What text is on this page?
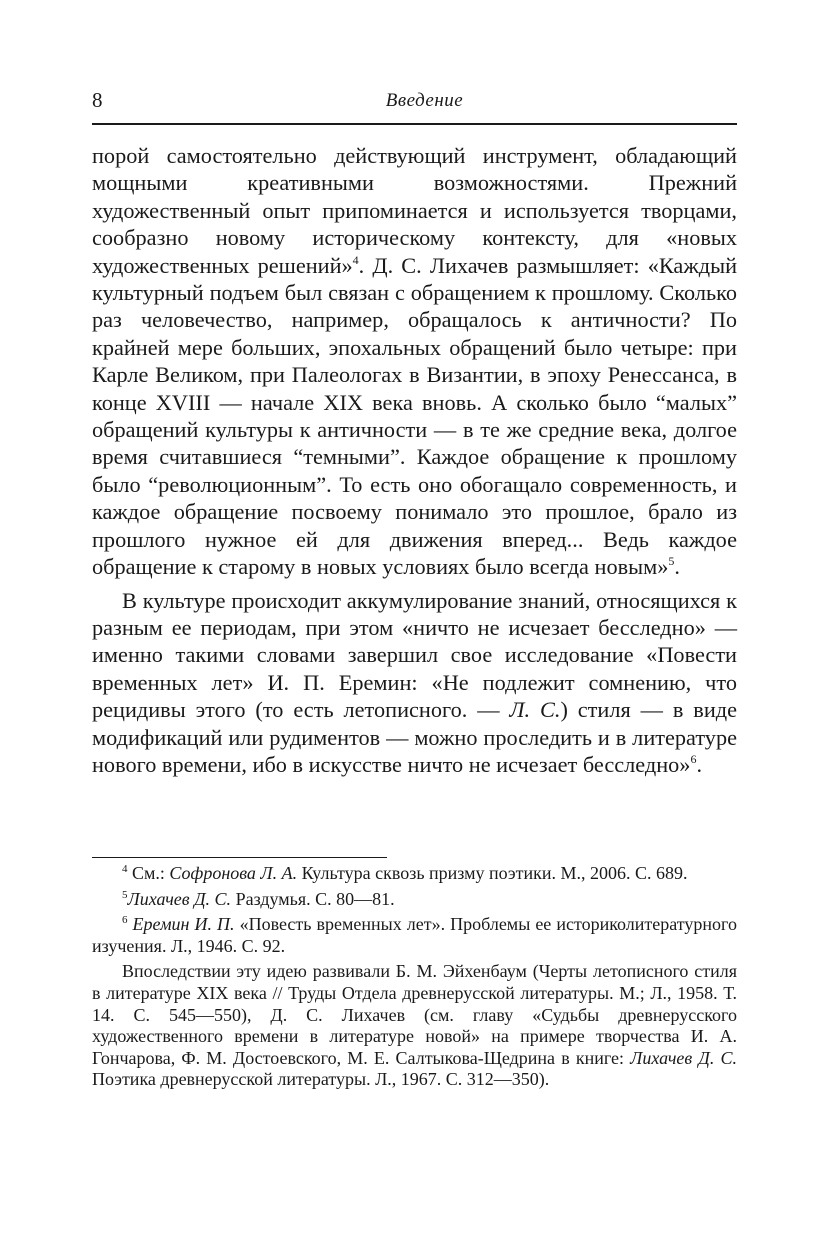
8	Введение

порой самостоятельно действующий инструмент, обладающий мощными креативными возможностями. Прежний художественный опыт припоминается и используется творцами, сообразно новому историческому контексту, для «новых художественных решений»$^4$. Д. С. Лихачев размышляет: «Каждый культурный подъем был связан с обращением к прошлому. Сколько раз человечество, например, обращалось к античности? По крайней мере больших, эпохальных обращений было четыре: при Карле Великом, при Палеологах в Византии, в эпоху Ренессанса, в конце XVIII — начале XIX века вновь. А сколько было “малых” обращений культуры к античности — в те же средние века, долгое время считавшиеся “темными”. Каждое обращение к прошлому было “революционным”. То есть оно обогащало современность, и каждое обращение посвоему понимало это прошлое, брало из прошлого нужное ей для движения вперед... Ведь каждое обращение к старому в новых условиях было всегда новым»$^5$.

В культуре происходит аккумулирование знаний, относящихся к разным ее периодам, при этом «ничто не исчезает бесследно» — именно такими словами завершил свое исследование «Повести временных лет» И. П. Еремин: «Не подлежит сомнению, что рецидивы этого (то есть летописного. — Л. С.) стиля — в виде модификаций или рудиментов — можно проследить и в литературе нового времени, ибо в искусстве ничто не исчезает бесследно»$^6$.

$^4$ См.: Софронова Л. А. Культура сквозь призму поэтики. М., 2006. С. 689.

$^5$Лихачев Д. С. Раздумья. С. 80—81.

$^6$ Еремин И. П. «Повесть временных лет». Проблемы ее историколитературного изучения. Л., 1946. С. 92.

Впоследствии эту идею развивали Б. М. Эйхенбаум (Черты летописного стиля в литературе XIX века // Труды Отдела древнерусской литературы. М.; Л., 1958. Т. 14. С. 545—550), Д. С. Лихачев (см. главу «Судьбы древнерусского художественного времени в литературе новой» на примере творчества И. А. Гончарова, Ф. М. Достоевского, М. Е. Салтыкова-Щедрина в книге: Лихачев Д. С. Поэтика древнерусской литературы. Л., 1967. С. 312—350).
